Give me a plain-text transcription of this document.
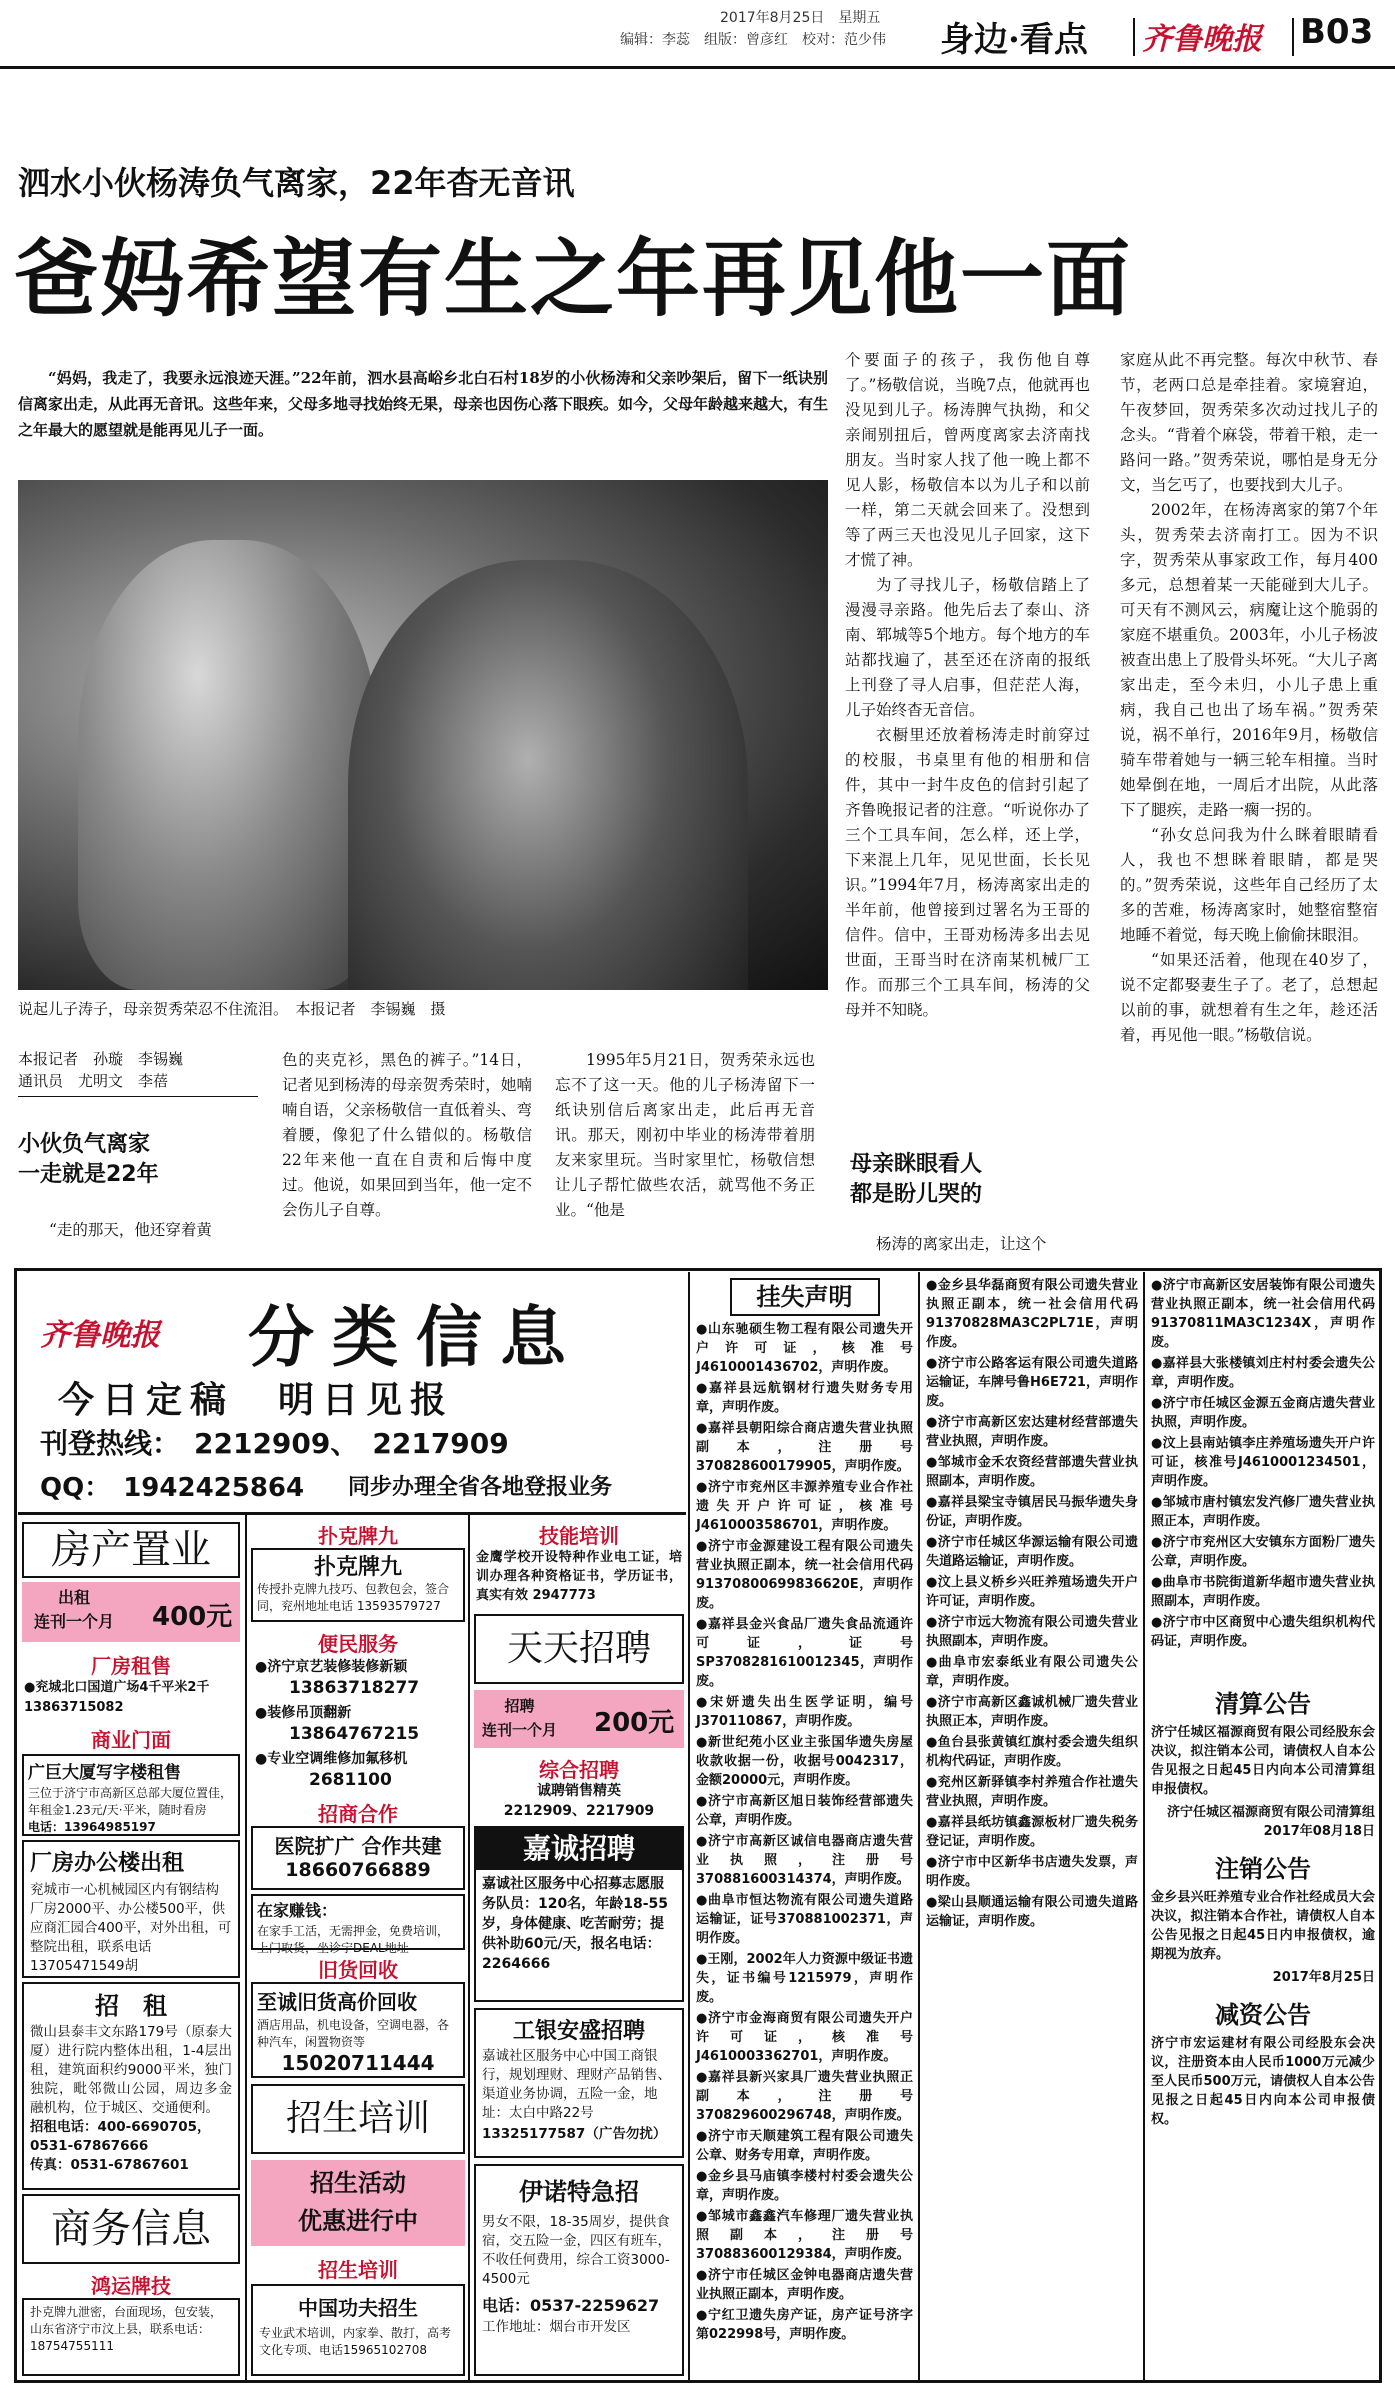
2017年8月25日　星期五
编辑：李蕊　组版：曾彦红　校对：范少伟	身边·看点 齐鲁晚报 B03
泗水小伙杨涛负气离家，22年杳无音讯
爸妈希望有生之年再见他一面

“妈妈，我走了，我要永远浪迹天涯。”22年前，泗水县高峪乡北白石村18岁的小伙杨涛和父亲吵架后，留下一纸诀别信离家出走，从此再无音讯。这些年来，父母多地寻找始终无果，母亲也因伤心落下眼疾。如今，父母年龄越来越大，有生之年最大的愿望就是能再见儿子一面。

说起儿子涛子，母亲贺秀荣忍不住流泪。　本报记者　李锡巍　摄
本报记者　孙璇　李锡巍
通讯员　尤明文　李蓓
小伙负气离家
一走就是22年

“走的那天，他还穿着黄

色的夹克衫，黑色的裤子。”14日，记者见到杨涛的母亲贺秀荣时，她喃喃自语，父亲杨敬信一直低着头、弯着腰，像犯了什么错似的。杨敬信22年来他一直在自责和后悔中度过。他说，如果回到当年，他一定不会伤儿子自尊。

1995年5月21日，贺秀荣永远也忘不了这一天。他的儿子杨涛留下一纸诀别信后离家出走，此后再无音讯。那天，刚初中毕业的杨涛带着朋友来家里玩。当时家里忙，杨敬信想让儿子帮忙做些农活，就骂他不务正业。“他是

个要面子的孩子，我伤他自尊了。”杨敬信说，当晚7点，他就再也没见到儿子。杨涛脾气执拗，和父亲闹别扭后，曾两度离家去济南找朋友。当时家人找了他一晚上都不见人影，杨敬信本以为儿子和以前一样，第二天就会回来了。没想到等了两三天也没见儿子回家，这下才慌了神。

为了寻找儿子，杨敬信踏上了漫漫寻亲路。他先后去了泰山、济南、郓城等5个地方。每个地方的车站都找遍了，甚至还在济南的报纸上刊登了寻人启事，但茫茫人海，儿子始终杳无音信。

衣橱里还放着杨涛走时前穿过的校服，书桌里有他的相册和信件，其中一封牛皮色的信封引起了齐鲁晚报记者的注意。“听说你办了三个工具车间，怎么样，还上学，下来混上几年，见见世面，长长见识。”1994年7月，杨涛离家出走的半年前，他曾接到过署名为王哥的信件。信中，王哥劝杨涛多出去见世面，王哥当时在济南某机械厂工作。而那三个工具车间，杨涛的父母并不知晓。

母亲眯眼看人
都是盼儿哭的

杨涛的离家出走，让这个

家庭从此不再完整。每次中秋节、春节，老两口总是牵挂着。家境窘迫，午夜梦回，贺秀荣多次动过找儿子的念头。“背着个麻袋，带着干粮，走一路问一路。”贺秀荣说，哪怕是身无分文，当乞丐了，也要找到大儿子。

2002年，在杨涛离家的第7个年头，贺秀荣去济南打工。因为不识字，贺秀荣从事家政工作，每月400多元，总想着某一天能碰到大儿子。可天有不测风云，病魔让这个脆弱的家庭不堪重负。2003年，小儿子杨波被查出患上了股骨头坏死。“大儿子离家出走，至今未归，小儿子患上重病，我自己也出了场车祸。”贺秀荣说，祸不单行，2016年9月，杨敬信骑车带着她与一辆三轮车相撞。当时她晕倒在地，一周后才出院，从此落下了腿疾，走路一瘸一拐的。

“孙女总问我为什么眯着眼睛看人，我也不想眯着眼睛，都是哭的。”贺秀荣说，这些年自己经历了太多的苦难，杨涛离家时，她整宿整宿地睡不着觉，每天晚上偷偷抹眼泪。

“如果还活着，他现在40岁了，说不定都娶妻生子了。老了，总想起以前的事，就想着有生之年，趁还活着，再见他一眼。”杨敬信说。

齐鲁晚报 分类信息
今日定稿　明日见报
刊登热线：　2212909、　2217909
QQ：　1942425864 同步办理全省各地登报业务
房产置业
出租
连刊一个月 400元
厂房租售
●兖城北口国道广场4千平米2千
13863715082
商业门面
广巨大厦写字楼租售
三位于济宁市高新区总部大厦位置佳，年租金1.23元/天·平米，随时看房
电话：13964985197
厂房办公楼出租
兖城市一心机械园区内有钢结构厂房2000平、办公楼500平，供应商汇园合400平，对外出租，可整院出租，联系电话13705471549胡
招　租
微山县泰丰文东路179号（原泰大厦）进行院内整体出租，1-4层出租，建筑面积约9000平米，独门独院，毗邻微山公园，周边多金融机构，位于城区、交通便利。
招租电话：400-6690705，0531-67867666
传真：0531-67867601
商务信息
鸿运牌技
扑克牌九泄密，台面现场，包安装，山东省济宁市汶上县，联系电话：18754755111
扑克牌九
扑克牌九
传授扑克牌九技巧、包教包会，签合同，兖州地址电话 13593579727
便民服务
●济宁京艺装修装修新颖
13863718277
●装修吊顶翻新
13864767215
●专业空调维修加氟移机
2681100
招商合作
医院扩广 合作共建
18660766889
在家赚钱：
在家手工活，无需押金，免费培训，上门取货，坐诊宁DEAL地址
旧货回收
至诚旧货高价回收
酒店用品，机电设备，空调电器，各种汽车，闲置物资等
15020711444
招生培训
招生活动
优惠进行中
招生培训
中国功夫招生
专业武术培训，内家拳、散打，高考文化专项、电话15965102708
技能培训
金鹰学校开设特种作业电工证，培训办理各种资格证书，学历证书，真实有效 2947773
天天招聘
招聘
连刊一个月 200元
综合招聘
诚聘销售精英
2212909、2217909
嘉诚招聘
嘉诚社区服务中心招募志愿服务队员：120名，年龄18-55岁，身体健康、吃苦耐劳；提供补助60元/天，报名电话：2264666
工银安盛招聘
嘉诚社区服务中心中国工商银行，规划理财、理财产品销售、渠道业务协调，五险一金，地址：太白中路22号
13325177587（广告勿扰）
伊诺特急招
男女不限，18-35周岁，提供食宿，交五险一金，四区有班车，不收任何费用，综合工资3000-4500元
电话：0537-2259627
工作地址：烟台市开发区
挂失声明
●山东驰硕生物工程有限公司遗失开户许可证，核准号J4610001436702，声明作废。
●嘉祥县远航钢材行遗失财务专用章，声明作废。
●嘉祥县朝阳综合商店遗失营业执照副本，注册号370828600179905，声明作废。
●济宁市兖州区丰源养殖专业合作社遗失开户许可证，核准号J4610003586701，声明作废。
●济宁市金源建设工程有限公司遗失营业执照正副本，统一社会信用代码91370800699836620E，声明作废。
●嘉祥县金兴食品厂遗失食品流通许可证，证号SP3708281610012345，声明作废。
●宋妍遗失出生医学证明，编号J370110867，声明作废。
●新世纪苑小区业主张国华遗失房屋收款收据一份，收据号0042317，金额20000元，声明作废。
●济宁市高新区旭日装饰经营部遗失公章，声明作废。
●济宁市高新区诚信电器商店遗失营业执照，注册号370881600314374，声明作废。
●曲阜市恒达物流有限公司遗失道路运输证，证号370881002371，声明作废。
●王刚，2002年人力资源中级证书遗失，证书编号1215979，声明作废。
●济宁市金海商贸有限公司遗失开户许可证，核准号J4610003362701，声明作废。
●嘉祥县新兴家具厂遗失营业执照正副本，注册号370829600296748，声明作废。
●济宁市天顺建筑工程有限公司遗失公章、财务专用章，声明作废。
●金乡县马庙镇李楼村村委会遗失公章，声明作废。
●邹城市鑫鑫汽车修理厂遗失营业执照副本，注册号370883600129384，声明作废。
●济宁市任城区金钟电器商店遗失营业执照正副本，声明作废。
●宁红卫遗失房产证，房产证号济字第022998号，声明作废。
●金乡县华磊商贸有限公司遗失营业执照正副本，统一社会信用代码91370828MA3C2PL71E，声明作废。
●济宁市公路客运有限公司遗失道路运输证，车牌号鲁H6E721，声明作废。
●济宁市高新区宏达建材经营部遗失营业执照，声明作废。
●邹城市金禾农资经营部遗失营业执照副本，声明作废。
●嘉祥县梁宝寺镇居民马振华遗失身份证，声明作废。
●济宁市任城区华源运输有限公司遗失道路运输证，声明作废。
●汶上县义桥乡兴旺养殖场遗失开户许可证，声明作废。
●济宁市远大物流有限公司遗失营业执照副本，声明作废。
●曲阜市宏泰纸业有限公司遗失公章，声明作废。
●济宁市高新区鑫诚机械厂遗失营业执照正本，声明作废。
●鱼台县张黄镇红旗村委会遗失组织机构代码证，声明作废。
●兖州区新驿镇李村养殖合作社遗失营业执照，声明作废。
●嘉祥县纸坊镇鑫源板材厂遗失税务登记证，声明作废。
●济宁市中区新华书店遗失发票，声明作废。
●梁山县顺通运输有限公司遗失道路运输证，声明作废。
●济宁市高新区安居装饰有限公司遗失营业执照正副本，统一社会信用代码91370811MA3C1234X，声明作废。
●嘉祥县大张楼镇刘庄村村委会遗失公章，声明作废。
●济宁市任城区金源五金商店遗失营业执照，声明作废。
●汶上县南站镇李庄养殖场遗失开户许可证，核准号J4610001234501，声明作废。
●邹城市唐村镇宏发汽修厂遗失营业执照正本，声明作废。
●济宁市兖州区大安镇东方面粉厂遗失公章，声明作废。
●曲阜市书院街道新华超市遗失营业执照副本，声明作废。
●济宁市中区商贸中心遗失组织机构代码证，声明作废。
清算公告
济宁任城区福源商贸有限公司经股东会决议，拟注销本公司，请债权人自本公告见报之日起45日内向本公司清算组申报债权。
济宁任城区福源商贸有限公司清算组
2017年08月18日
注销公告
金乡县兴旺养殖专业合作社经成员大会决议，拟注销本合作社，请债权人自本公告见报之日起45日内申报债权，逾期视为放弃。
2017年8月25日
减资公告
济宁市宏运建材有限公司经股东会决议，注册资本由人民币1000万元减少至人民币500万元，请债权人自本公告见报之日起45日内向本公司申报债权。
